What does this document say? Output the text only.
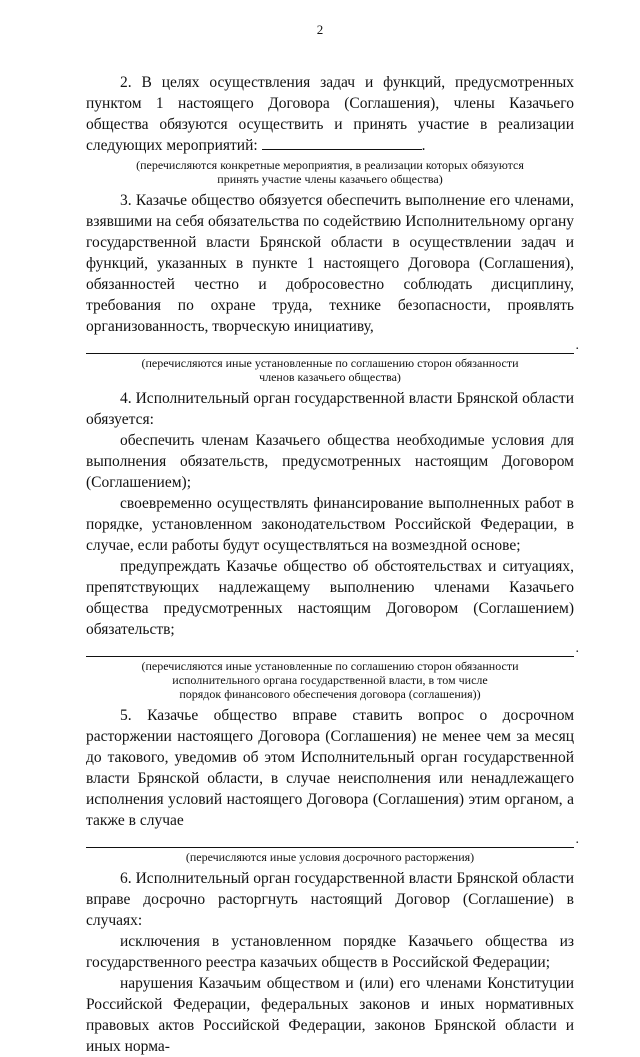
2

2. В целях осуществления задач и функций, предусмотренных пунктом 1 настоящего Договора (Соглашения), члены Казачьего общества обязуются осуществить и принять участие в реализации следующих мероприятий:	.

(перечисляются конкретные мероприятия, в реализации которых обязуются
принять участие члены казачьего общества)

3. Казачье общество обязуется обеспечить выполнение его членами, взявшими на себя обязательства по содействию Исполнительному органу государственной власти Брянской области в осуществлении задач и функций, указанных в пункте 1 настоящего Договора (Соглашения), обязанностей честно и добросовестно соблюдать дисциплину, требования по охране труда, технике безопасности, проявлять организованность, творческую инициативу,

.
(перечисляются иные установленные по соглашению сторон обязанности
членов казачьего общества)

4. Исполнительный орган государственной власти Брянской области обязуется:

обеспечить членам Казачьего общества необходимые условия для выполнения обязательств, предусмотренных настоящим Договором (Соглашением);

своевременно осуществлять финансирование выполненных работ в порядке, установленном законодательством Российской Федерации, в случае, если работы будут осуществляться на возмездной основе;

предупреждать Казачье общество об обстоятельствах и ситуациях, препятствующих надлежащему выполнению членами Казачьего общества предусмотренных настоящим Договором (Соглашением) обязательств;

.
(перечисляются иные установленные по соглашению сторон обязанности
исполнительного органа государственной власти, в том числе
порядок финансового обеспечения договора (соглашения))

5. Казачье общество вправе ставить вопрос о досрочном расторжении настоящего Договора (Соглашения) не менее чем за месяц до такового, уведомив об этом Исполнительный орган государственной власти Брянской области, в случае неисполнения или ненадлежащего исполнения условий настоящего Договора (Соглашения) этим органом, а также в случае

.
(перечисляются иные условия досрочного расторжения)

6. Исполнительный орган государственной власти Брянской области вправе досрочно расторгнуть настоящий Договор (Соглашение) в случаях:

исключения в установленном порядке Казачьего общества из государственного реестра казачьих обществ в Российской Федерации;

нарушения Казачьим обществом и (или) его членами Конституции Российской Федерации, федеральных законов и иных нормативных правовых актов Российской Федерации, законов Брянской области и иных норма-
